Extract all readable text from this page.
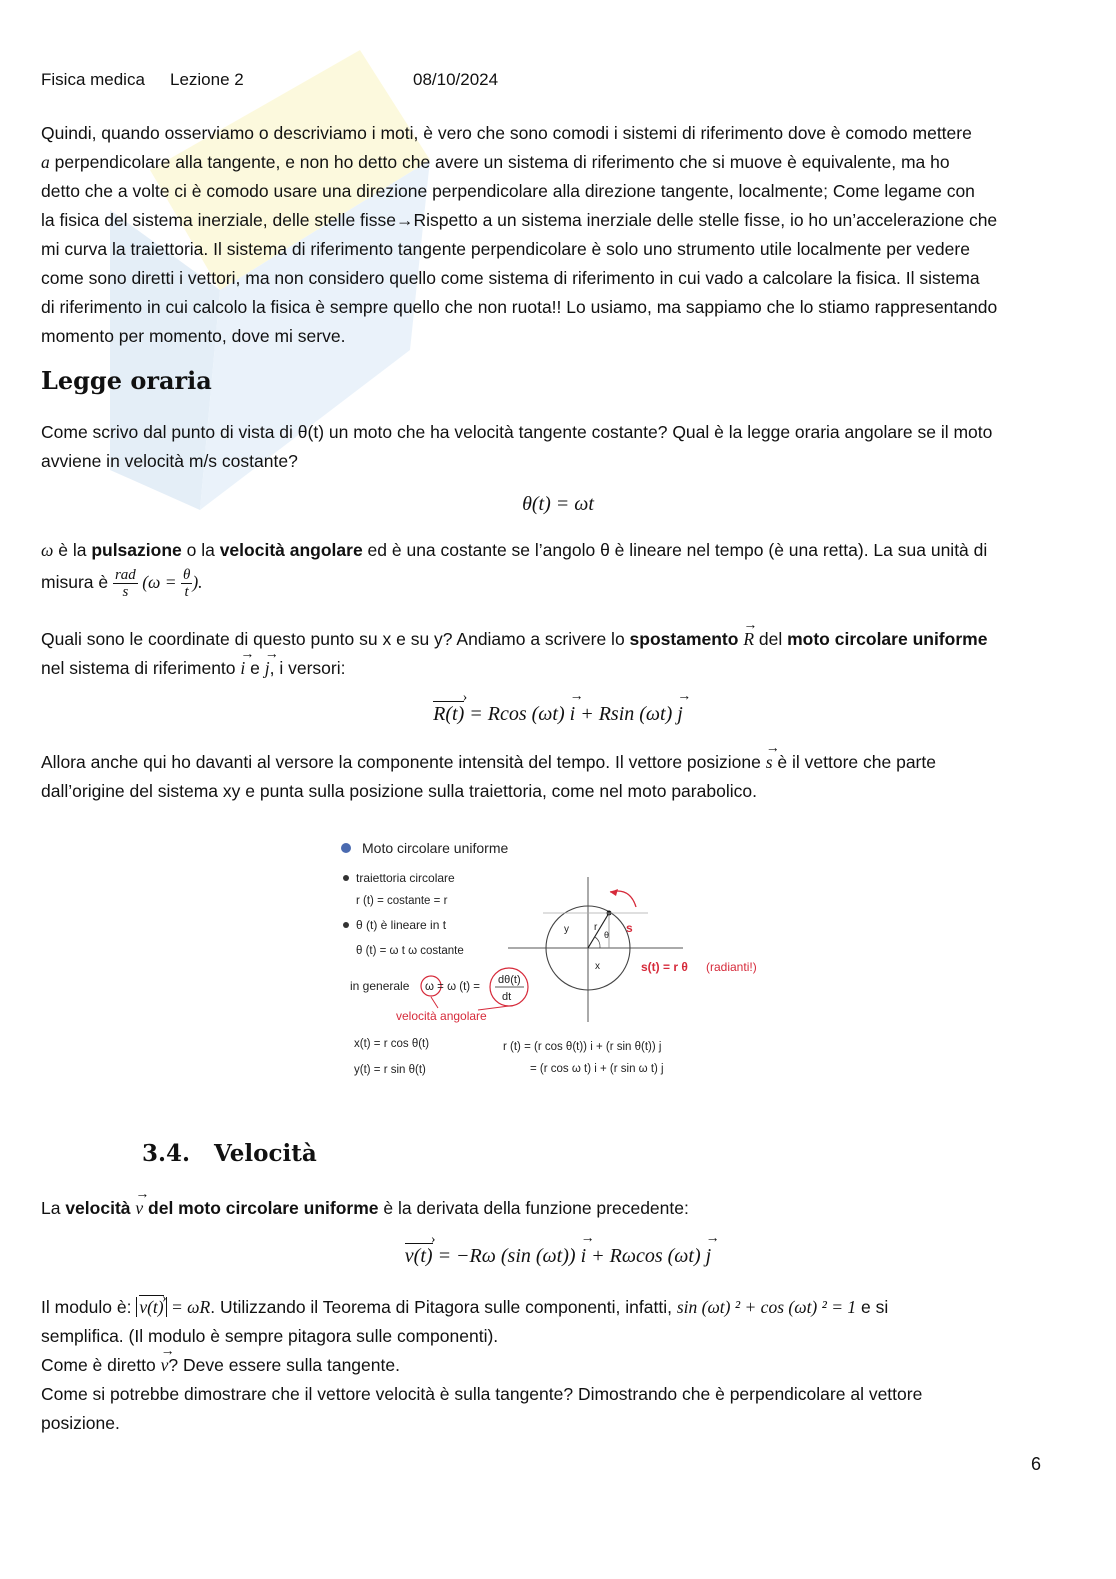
Fisica medica Lezione 2	08/10/2024
Quindi, quando osserviamo o descriviamo i moti, è vero che sono comodi i sistemi di riferimento dove è comodo mettere
a perpendicolare alla tangente, e non ho detto che avere un sistema di riferimento che si muove è equivalente, ma ho
detto che a volte ci è comodo usare una direzione perpendicolare alla direzione tangente, localmente; Come legame con
la fisica del sistema inerziale, delle stelle fisse→Rispetto a un sistema inerziale delle stelle fisse, io ho un’accelerazione che
mi curva la traiettoria. Il sistema di riferimento tangente perpendicolare è solo uno strumento utile localmente per vedere
come sono diretti i vettori, ma non considero quello come sistema di riferimento in cui vado a calcolare la fisica. Il sistema
di riferimento in cui calcolo la fisica è sempre quello che non ruota!! Lo usiamo, ma sappiamo che lo stiamo rappresentando
momento per momento, dove mi serve.
Legge oraria
Come scrivo dal punto di vista di θ(t) un moto che ha velocità tangente costante? Qual è la legge oraria angolare se il moto
avviene in velocità m/s costante?
θ(t) = ωt
ω è la pulsazione o la velocità angolare ed è una costante se l’angolo θ è lineare nel tempo (è una retta). La sua unità di
misura è $\frac{\text{rad}}{s} (\omega = \frac{\theta}{t}$ ).
Quali sono le coordinate di questo punto su x e su y? Andiamo a scrivere lo spostamento → R del moto circolare uniforme
nel sistema di riferimento → i e → j, i versori:
R(t) › = Rcos (ωt) → i + Rsin (ωt) → j
Allora anche qui ho davanti al versore la componente intensità del tempo. Il vettore posizione → s è il vettore che parte
dall’origine del sistema xy e punta sulla posizione sulla traiettoria, come nel moto parabolico.
Moto circolare uniforme
traiettoria circolare
r (t) = costante = r
θ (t) è lineare in t
θ (t) = ω t ω costante
in generale ω = ω (t) =
dθ(t)
dt
velocità angolare
x(t) = r cos θ(t)
y(t) = r sin θ(t)
r (t) = (r cos θ(t)) i + (r sin θ(t)) j
= (r cos ω t) i + (r sin ω t) j
y	r
θ
x
s
s(t) = r θ (radianti!)
3.4. Velocità
La velocità → v del moto circolare uniforme è la derivata della funzione precedente:
v(t) › = −Rω (sin (ωt)) → i + Rωcos (ωt) → j
Il modulo è: v(t) › = ωR. Utilizzando il Teorema di Pitagora sulle componenti, infatti, sin (ωt) ² + cos (ωt) ² = 1 e si
semplifica. (Il modulo è sempre pitagora sulle componenti).
Come è diretto → v? Deve essere sulla tangente.
Come si potrebbe dimostrare che il vettore velocità è sulla tangente? Dimostrando che è perpendicolare al vettore
posizione.
6
